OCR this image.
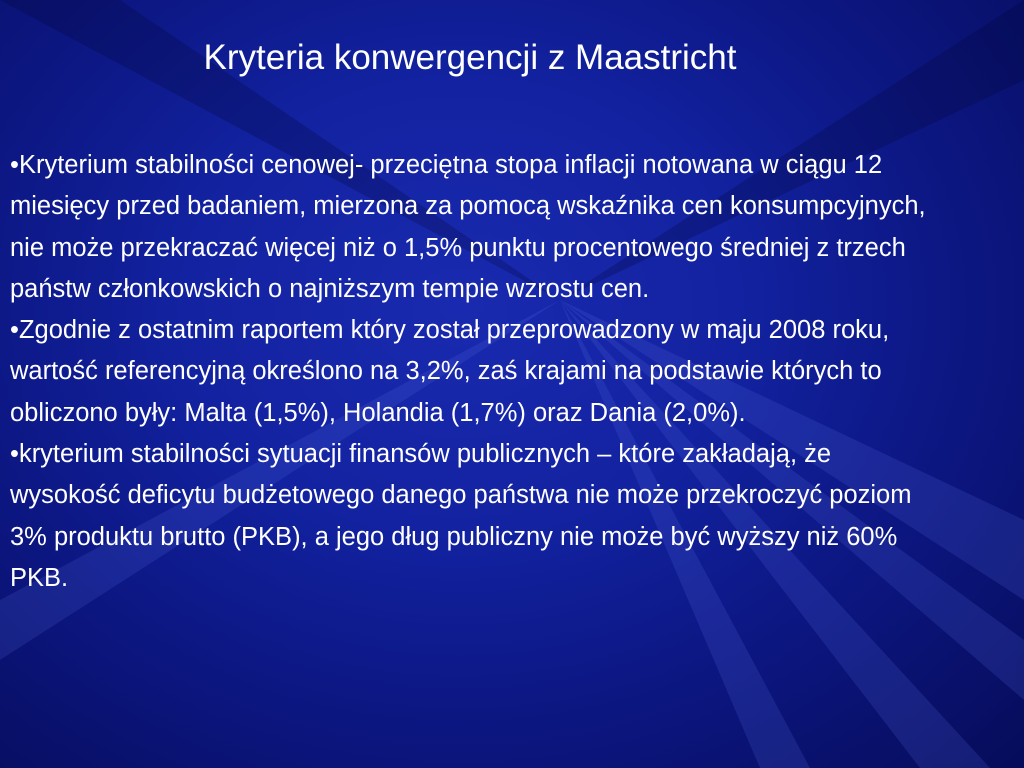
Kryteria konwergencji z Maastricht

•Kryterium stabilności cenowej- przeciętna stopa inflacji notowana w ciągu 12 miesięcy przed badaniem, mierzona za pomocą wskaźnika cen konsumpcyjnych, nie może przekraczać więcej niż o 1,5% punktu procentowego średniej z trzech państw członkowskich o najniższym tempie wzrostu cen.

•Zgodnie z ostatnim raportem który został przeprowadzony w maju 2008 roku, wartość referencyjną określono na 3,2%, zaś krajami na podstawie których to obliczono były: Malta (1,5%), Holandia (1,7%) oraz Dania (2,0%).

•kryterium stabilności sytuacji finansów publicznych – które zakładają, że wysokość deficytu budżetowego danego państwa nie może przekroczyć poziom 3% produktu brutto (PKB), a jego dług publiczny nie może być wyższy niż 60% PKB.
